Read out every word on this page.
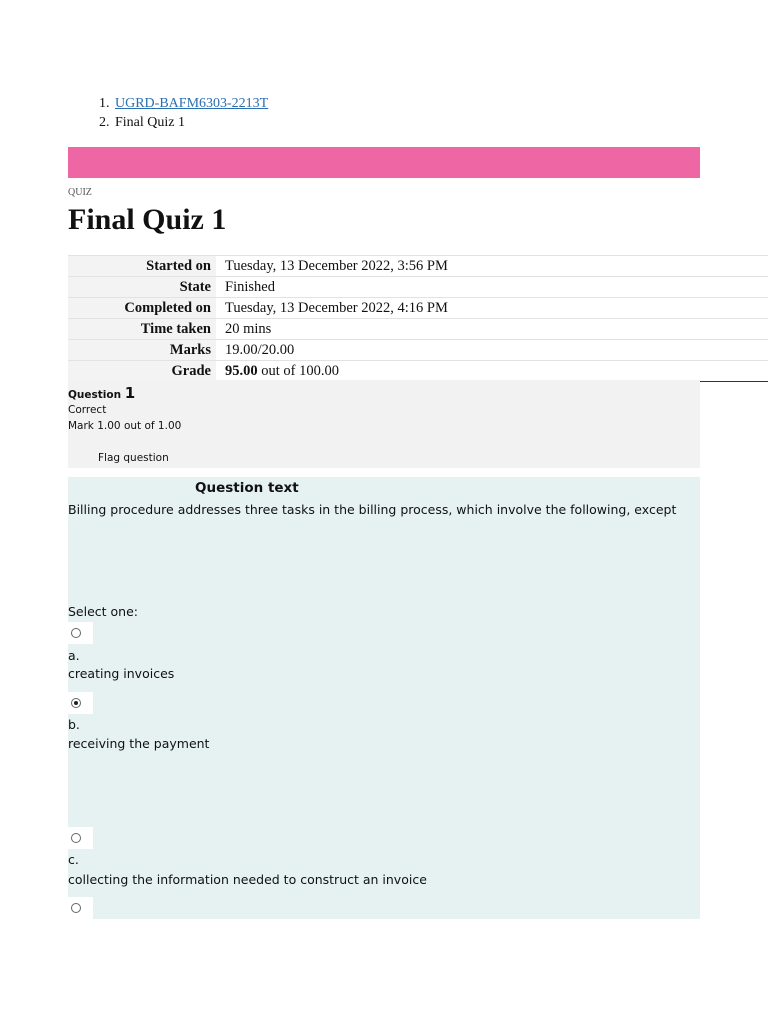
1. UGRD-BAFM6303-2213T
2. Final Quiz 1
QUIZ
Final Quiz 1
Started on	Tuesday, 13 December 2022, 3:56 PM
State	Finished
Completed on	Tuesday, 13 December 2022, 4:16 PM
Time taken	20 mins
Marks	19.00/20.00
Grade	95.00 out of 100.00
Question 1
Correct
Mark 1.00 out of 1.00
Flag question
Question text
Billing procedure addresses three tasks in the billing process, which involve the following, except
Select one:
a.
creating invoices
b.
receiving the payment
c.
collecting the information needed to construct an invoice
